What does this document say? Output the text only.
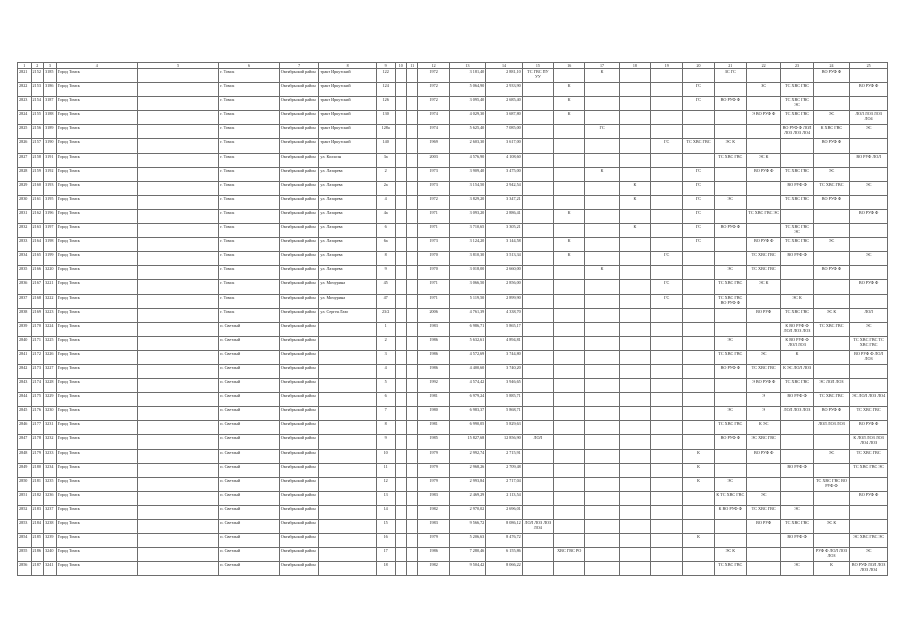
1	2	3	4	5	6	7	8	9	10	11	12	13	14	15	16	17	18	19	20	21	22	23	24	25
2821	2152	3185	Город Томск		г. Томск	Октябрьский район	тракт Иркутский	122			1972	3 181,40	2 881,10	ТС ГВС ПУ УУ		К				ЗС ГС			ВО РУФ Ф	
2822	2153	3186	Город Томск		г. Томск	Октябрьский район	тракт Иркутский	124			1972	5 064,90	2 933,90		К				ГС		ЗС	ТС ХВС ГВС		ВО РУФ Ф
2823	2154	3187	Город Томск		г. Томск	Октябрьский район	тракт Иркутский	126			1972	3 095,40	2 685,40		К				ГС	ВО РУФ Ф		ТС ХВС ГВС ЭС		
2824	2155	3188	Город Томск		г. Томск	Октябрьский район	тракт Иркутский	130			1974	4 029,30	3 687,80		К						Э ВО РУФ Ф	ТС ХВС ГВС	ЭС	ЛОЛ ЛОЗ ЛОЗ ЛО4
2825	2156	3189	Город Томск		г. Томск	Октябрьский район	тракт Иркутский	128а			1974	5 625,40	7 085,00			ГС						ВО РУФ Ф ЛОЛ ЛОЗ ЛОЗ ЛО4	К ХВС ГВС	ЭС
2826	2157	3190	Город Томск		г. Томск	Октябрьский район	тракт Иркутский	140			1969	2 603,30	3 617,00					ГС	ТС ХВС ГВС	ЭС К			ВО РУФ Ф	
2827	2158	3191	Город Томск		г. Томск	Октябрьский район	ул. Колхозн	3а			2003	4 576,90	4 108,60							ТС ХВС ГВС	ЭС К			ВО РУФ ЛОЛ
2828	2159	3192	Город Томск		г. Томск	Октябрьский район	ул. Лазарева	2			1973	3 909,40	3 475,00			К			ГС		ВО РУФ Ф	ТС ХВС ГВС	ЭС	
2829	2160	3193	Город Томск		г. Томск	Октябрьский район	ул. Лазарева	2а			1973	3 154,50	2 942,54				К		ГС			ВО РУФ Ф	ТС ХВС ГВС	ЭС
2830	2161	3195	Город Томск		г. Томск	Октябрьский район	ул. Лазарева	4			1972	3 829,20	3 347,21				К		ГС	ЭС		ТС ХВС ГВС	ВО РУФ Ф	
2831	2162	3196	Город Томск		г. Томск	Октябрьский район	ул. Лазарева	4а			1971	3 093,20	2 886,41		К				ГС		ТС ХВС ГВС ЭС			ВО РУФ Ф
2832	2163	3197	Город Томск		г. Томск	Октябрьский район	ул. Лазарева	6			1971	3 710,65	3 305,21				К		ГС	ВО РУФ Ф		ТС ХВС ГВС ЭС		
2833	2164	3198	Город Томск		г. Томск	Октябрьский район	ул. Лазарева	6а			1973	3 124,20	3 144,58		К				ГС		ВО РУФ Ф	ТС ХВС ГВС	ЭС	
2834	2165	3199	Город Томск		г. Томск	Октябрьский район	ул. Лазарева	8			1970	3 810,30	3 513,34		К			ГС			ТС ХВС ГВС	ВО РУФ Ф		ЭС
2835	2166	3220	Город Томск		г. Томск	Октябрьский район	ул. Лазарева	9			1970	3 018,00	2 660,00			К				ЭС	ТС ХВС ГВС		ВО РУФ Ф	
2836	2167	3221	Город Томск		г. Томск	Октябрьский район	ул. Мичурина	45			1971	3 066,50	2 856,00					ГС		ТС ХВС ГВС	ЭС К			ВО РУФ Ф
2837	2168	3222	Город Томск		г. Томск	Октябрьский район	ул. Мичурина	47			1971	5 119,50	2 899,90					ГС		ТС ХВС ГВС ВО РУФ Ф		ЭС К		
2838	2169	3223	Город Томск		г. Томск	Октябрьский район	ул. Сергея Лазо	23/2			2006	4 761,39	4 338,70								ВО РУФ	ТС ХВС ГВС	ЭС К	ЛОЛ
2839	2170	3224	Город Томск		п. Светлый	Октябрьский район		1			1983	6 986,71	5 865,17									К ВО РУФ Ф ЛОЛ ЛОЗ ЛОЗ	ТС ХВС ГВС	ЭС
2840	2171	3225	Город Томск		п. Светлый	Октябрьский район		2			1986	5 632,61	4 894,81							ЭС		К ВО РУФ Ф ЛОЛ ЛОЗ		ТС ХВС ГВС ТС ХВС ГВС
2841	2172	3226	Город Томск		п. Светлый	Октябрьский район		3			1986	4 572,69	3 744,80							ТС ХВС ГВС	ЭС	К		ВО РУФ Ф ЛОЛ ЛОЗ
2842	2173	3227	Город Томск		п. Светлый	Октябрьский район		4			1986	4 400,60	3 740,20							ВО РУФ Ф	ТС ХВС ГВС	К ЭС ЛОЛ ЛОЗ		
2843	2174	3228	Город Томск		п. Светлый	Октябрьский район		5			1992	4 574,42	3 946,65								Э ВО РУФ Ф	ТС ХВС ГВС	ЭС ЛОЛ ЛОЗ	
2844	2175	3229	Город Томск		п. Светлый	Октябрьский район		6			1981	6 979,24	5 885,71								Э	ВО РУФ Ф	ТС ХВС ГВС	ЭС ЛОЛ ЛОЗ ЛО4
2845	2176	3230	Город Томск		п. Светлый	Октябрьский район		7			1980	6 983,37	5 868,71							ЭС	Э	ЛОЛ ЛОЗ ЛОЗ	ВО РУФ Ф	ТС ХВС ГВС
2846	2177	3231	Город Томск		п. Светлый	Октябрьский район		8			1981	6 990,05	5 829,63							ТС ХВС ГВС	К ЭС		ЛОЛ ЛОЗ ЛОЗ	ВО РУФ Ф
2847	2178	3232	Город Томск		п. Светлый	Октябрьский район		9			1985	15 827,68	12 856,90	ЛОЛ						ВО РУФ Ф	ЭС ХВС ГВС			К ЛОЛ ЛОЗ ЛОЗ ЛО4 ЛОЗ
2848	2179	3233	Город Томск		п. Светлый	Октябрьский район		10			1979	2 992,74	2 715,91						К		ВО РУФ Ф		ЭС	ТС ХВС ГВС
2849	2180	3234	Город Томск		п. Светлый	Октябрьский район		11			1979	2 968,26	2 709,48						К			ВО РУФ Ф		ТС ХВС ГВС ЭС
2850	2181	3235	Город Томск		п. Светлый	Октябрьский район		12			1979	2 993,84	2 717,04						К	ЭС			ТС ХВС ГВС ВО РУФ Ф	
2851	2182	3236	Город Томск		п. Светлый	Октябрьский район		13			1983	2 469,29	2 113,54							К ТС ХВС ГВС	ЭС			ВО РУФ Ф
2852	2183	3237	Город Томск		п. Светлый	Октябрьский район		14			1982	2 970,02	2 696,01							К ВО РУФ Ф	ТС ХВС ГВС	ЭС		
2853	2184	3238	Город Томск		п. Светлый	Октябрьский район		15			1983	9 566,72	8 086,12	ЛОЛ ЛОЗ ЛОЗ ЛО4							ВО РУФ	ТС ХВС ГВС	ЭС К	
2854	2185	3239	Город Томск		п. Светлый	Октябрьский район		16			1979	5 206,63	8 476,72						К			ВО РУФ Ф		ЭС ХВС ГВС ЭС
2855	2186	3240	Город Томск		п. Светлый	Октябрьский район		17			1986	7 280,46	6 155,86		ХВС ГВС РО					ЭС К			РУФ Ф ЛОЛ ЛОЗ ЛОЗ	ЭС
2856	2187	3241	Город Томск		п. Светлый	Октябрьский район		18			1982	9 504,42	8 066,22							ТС ХВС ГВС		ЭС	К	ВО РУФ ЛОЛ ЛОЗ ЛОЗ ЛО4
